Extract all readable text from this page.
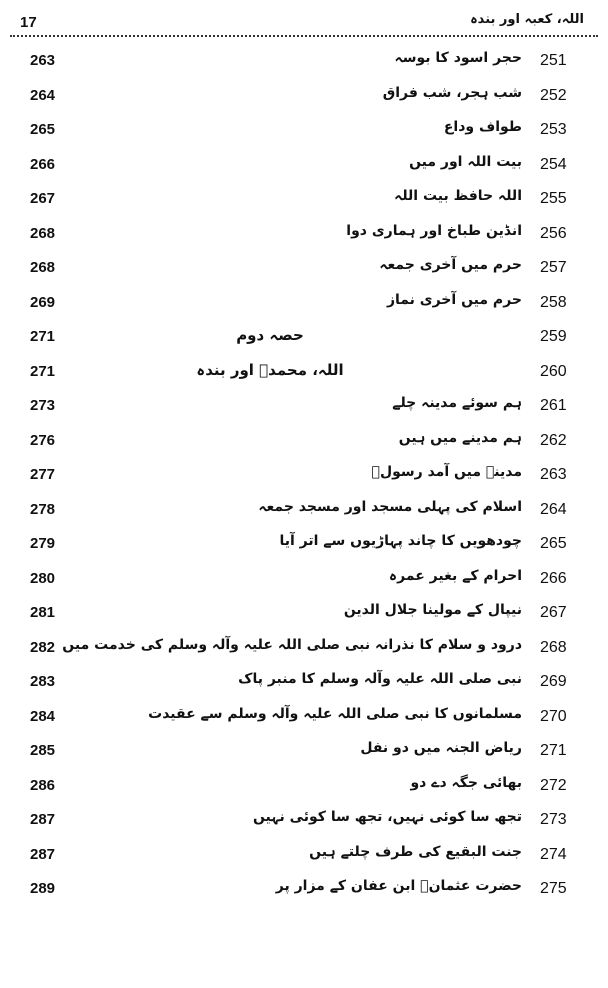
17	اللہ، کعبہ اور بندہ
263	حجر اسود کا بوسہ 251
264	شب ہجر، شب فراق 252
265	طواف وداع 253
266	بیت اللہ اور میں 254
267	اللہ حافظ بیت اللہ 255
268	انڈین طباخ اور ہماری دوا 256
268	حرم میں آخری جمعہ 257
269	حرم میں آخری نماز 258
271	حصہ دوم	259
271	اللہ، محمدؐ اور بندہ	260
273	ہم سوئے مدینہ چلے 261
276	ہم مدینے میں ہیں 262
277	مدینہ میں آمد رسولؐ 263
278	اسلام کی پہلی مسجد اور مسجد جمعہ 264
279	چودھویں کا چاند پہاڑیوں سے اتر آیا 265
280	احرام کے بغیر عمرہ 266
281	نیپال کے مولینا جلال الدین 267
282 درود و سلام کا نذرانہ نبی صلی اللہ علیہ وآلہ وسلم کی خدمت میں 268
283	نبی صلی اللہ علیہ وآلہ وسلم کا منبر پاک 269
284	مسلمانوں کا نبی صلی اللہ علیہ وآلہ وسلم سے عقیدت 270
285	ریاض الجنہ میں دو نفل 271
286	بھائی جگہ دے دو 272
287	تجھ سا کوئی نہیں، تجھ سا کوئی نہیں 273
287	جنت البقیع کی طرف چلتے ہیں 274
289	حضرت عثمانؓ ابن عفان کے مزار پر 275
